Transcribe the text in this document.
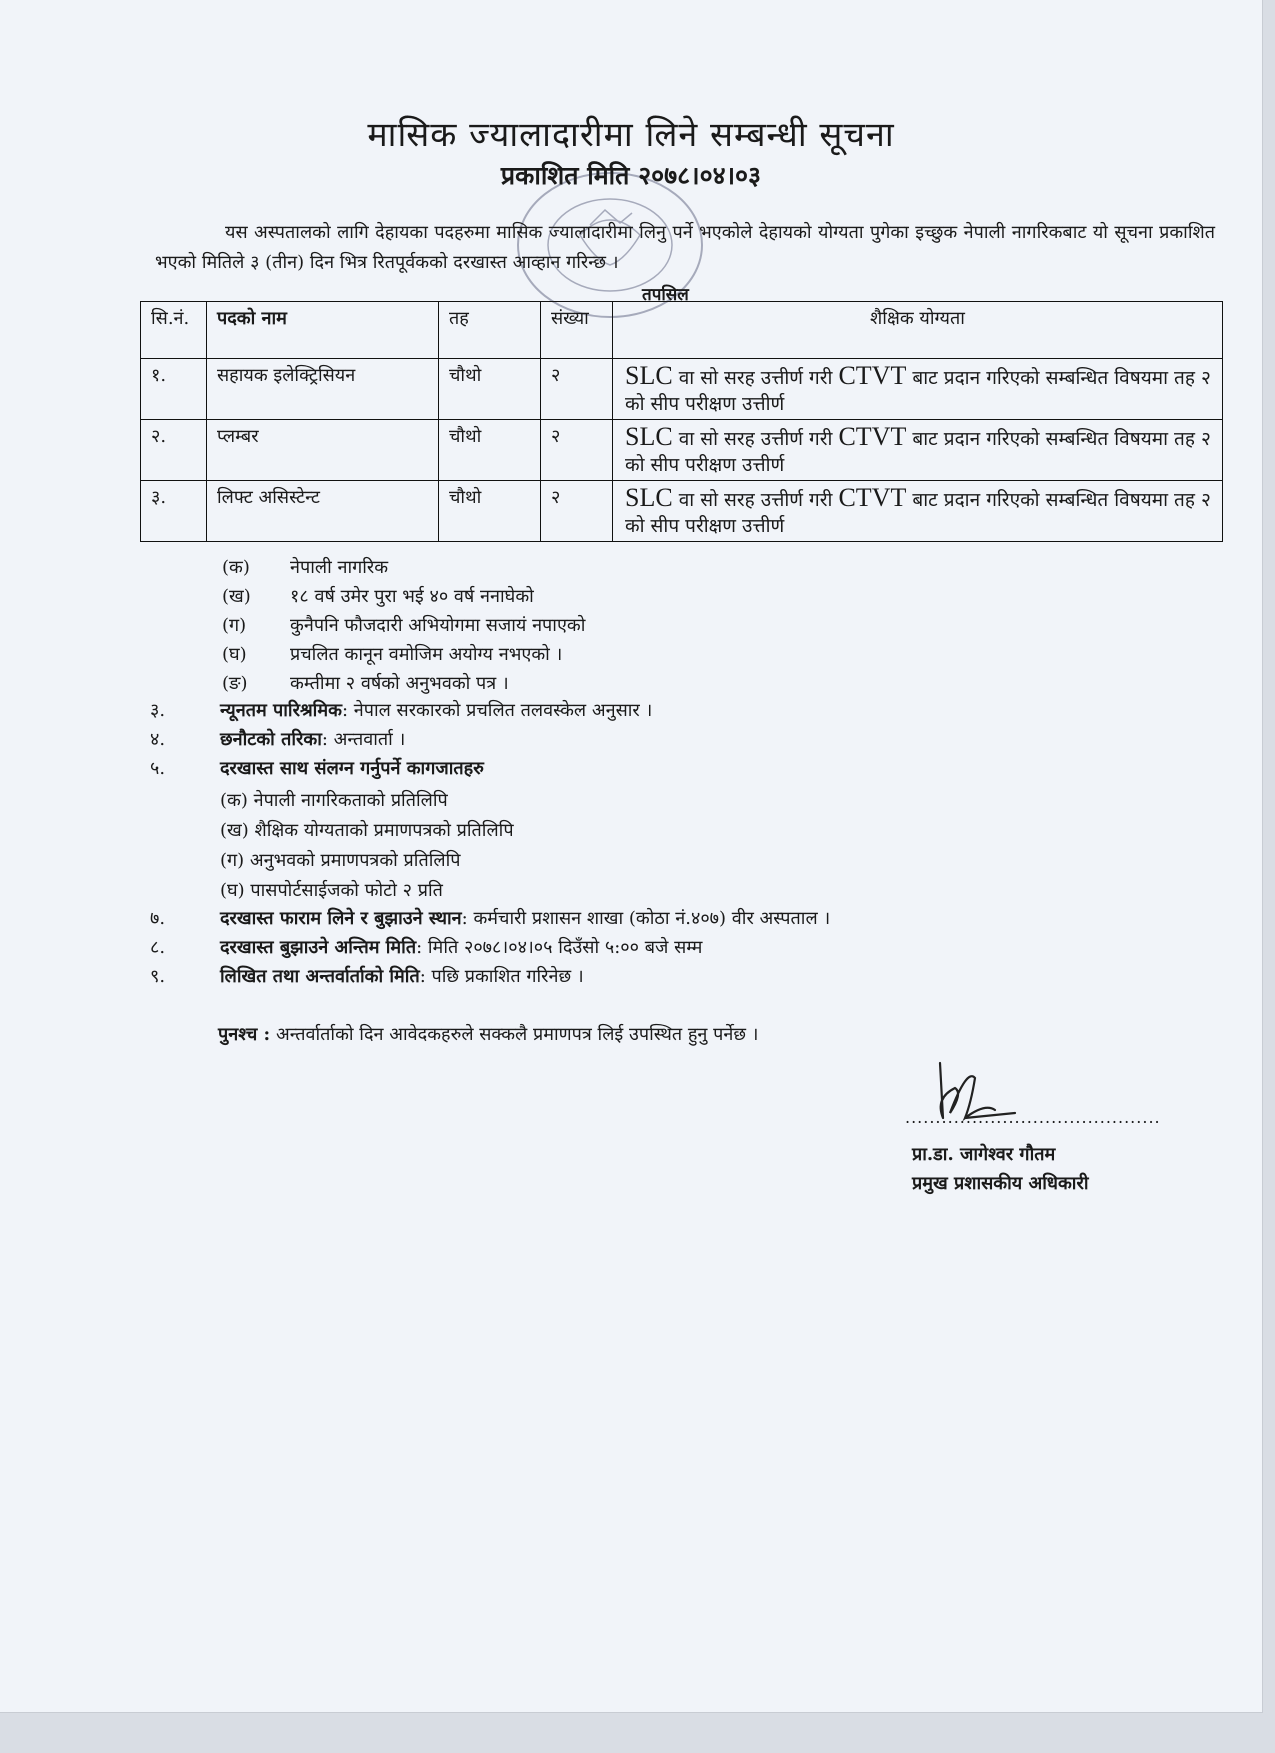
मासिक ज्यालादारीमा लिने सम्बन्धी सूचना
प्रकाशित मिति २०७८।०४।०३
यस अस्पतालको लागि देहायका पदहरुमा मासिक ज्यालादारीमा लिनु पर्ने भएकोले देहायको योग्यता पुगेका इच्छुक नेपाली नागरिकबाट यो सूचना प्रकाशित भएको मितिले ३ (तीन) दिन भित्र रितपूर्वकको दरखास्त आव्हान गरिन्छ ।
तपसिल
सि.नं.	पदको नाम	तह	संख्या	शैक्षिक योग्यता
१.	सहायक इलेक्ट्रिसियन	चौथो	२	SLC वा सो सरह उत्तीर्ण गरी CTVT बाट प्रदान गरिएको सम्बन्धित विषयमा तह २ को सीप परीक्षण उत्तीर्ण
२.	प्लम्बर	चौथो	२	SLC वा सो सरह उत्तीर्ण गरी CTVT बाट प्रदान गरिएको सम्बन्धित विषयमा तह २ को सीप परीक्षण उत्तीर्ण
३.	लिफ्ट असिस्टेन्ट	चौथो	२	SLC वा सो सरह उत्तीर्ण गरी CTVT बाट प्रदान गरिएको सम्बन्धित विषयमा तह २ को सीप परीक्षण उत्तीर्ण
(क)	नेपाली नागरिक
(ख)	१८ वर्ष उमेर पुरा भई ४० वर्ष ननाघेको
(ग)	कुनैपनि फौजदारी अभियोगमा सजायं नपाएको
(घ)	प्रचलित कानून वमोजिम अयोग्य नभएको ।
(ङ)	कम्तीमा २ वर्षको अनुभवको पत्र ।
३.	न्यूनतम पारिश्रमिक : नेपाल सरकारको प्रचलित तलवस्केल अनुसार ।
४.	छनौटको तरिका : अन्तवार्ता ।
५.	दरखास्त साथ संलग्न गर्नुपर्ने कागजातहरु
(क) नेपाली नागरिकताको प्रतिलिपि
(ख) शैक्षिक योग्यताको प्रमाणपत्रको प्रतिलिपि
(ग) अनुभवको प्रमाणपत्रको प्रतिलिपि
(घ) पासपोर्टसाईजको फोटो २ प्रति
७.	दरखास्त फाराम लिने र बुझाउने स्थान : कर्मचारी प्रशासन शाखा (कोठा नं.४०७) वीर अस्पताल ।
८.	दरखास्त बुझाउने अन्तिम मिति : मिति २०७८।०४।०५ दिउँसो ५:०० बजे सम्म
९.	लिखित तथा अन्तर्वार्ताको मिति : पछि प्रकाशित गरिनेछ ।
पुनश्च : अन्तर्वार्ताको दिन आवेदकहरुले सक्कलै प्रमाणपत्र लिई उपस्थित हुनु पर्नेछ ।
..........................................
प्रा.डा. जागेश्वर गौतम
प्रमुख प्रशासकीय अधिकारी
